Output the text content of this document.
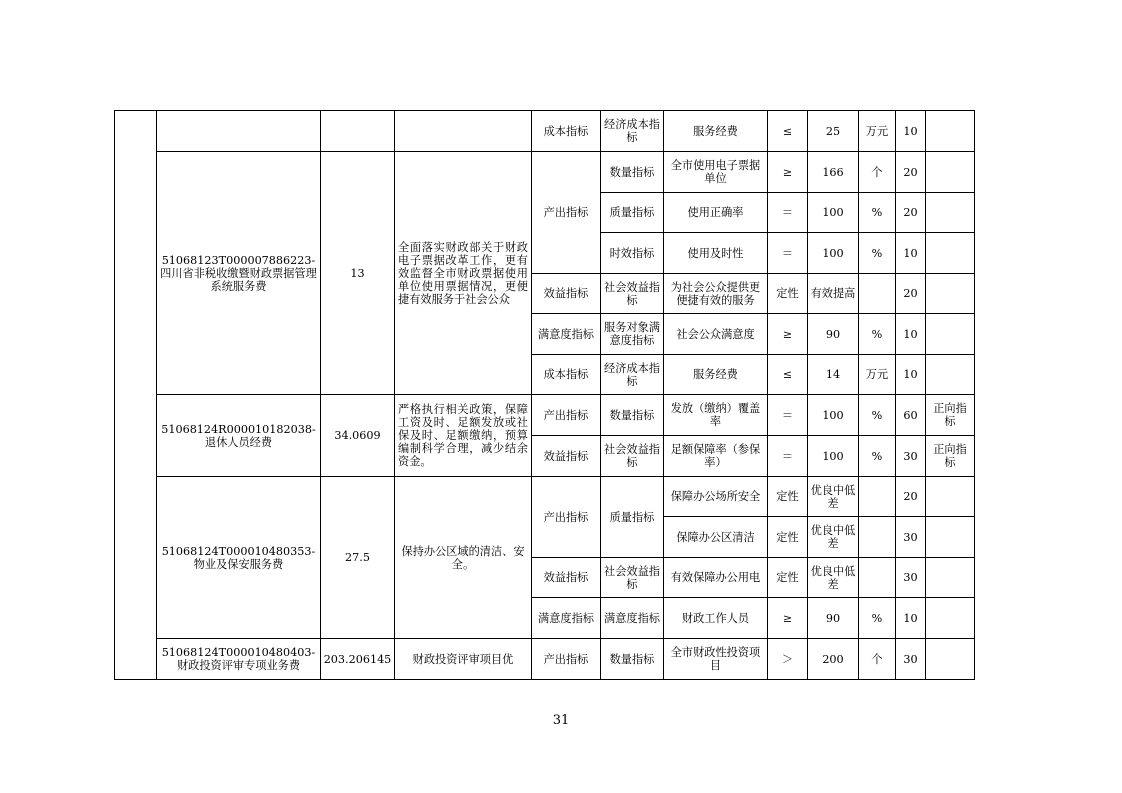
				成本指标	经济成本指标	服务经费	≤	25	万元	10	
	51068123T000007886223-四川省非税收缴暨财政票据管理系统服务费	13	全面落实财政部关于财政电子票据改革工作，更有效监督全市财政票据使用单位使用票据情况，更便捷有效服务于社会公众	产出指标	数量指标	全市使用电子票据单位	≥	166	个	20	
					质量指标	使用正确率	＝	100	%	20	
					时效指标	使用及时性	＝	100	%	10	
				效益指标	社会效益指标	为社会公众提供更便捷有效的服务	定性	有效提高		20	
				满意度指标	服务对象满意度指标	社会公众满意度	≥	90	%	10	
				成本指标	经济成本指标	服务经费	≤	14	万元	10	
	51068124R000010182038-退休人员经费	34.0609	严格执行相关政策，保障工资及时、足额发放或社保及时、足额缴纳，预算编制科学合理，减少结余资金。	产出指标	数量指标	发放（缴纳）覆盖率	＝	100	%	60	正向指标
				效益指标	社会效益指标	足额保障率（参保率）	＝	100	%	30	正向指标
	51068124T000010480353-物业及保安服务费	27.5	保持办公区域的清洁、安全。	产出指标	质量指标	保障办公场所安全	定性	优良中低差		20	
						保障办公区清洁	定性	优良中低差		30	
				效益指标	社会效益指标	有效保障办公用电	定性	优良中低差		30	
				满意度指标	满意度指标	财政工作人员	≥	90	%	10	
	51068124T000010480403-财政投资评审专项业务费	203.206145	财政投资评审项目优	产出指标	数量指标	全市财政性投资项目	＞	200	个	30	
31
